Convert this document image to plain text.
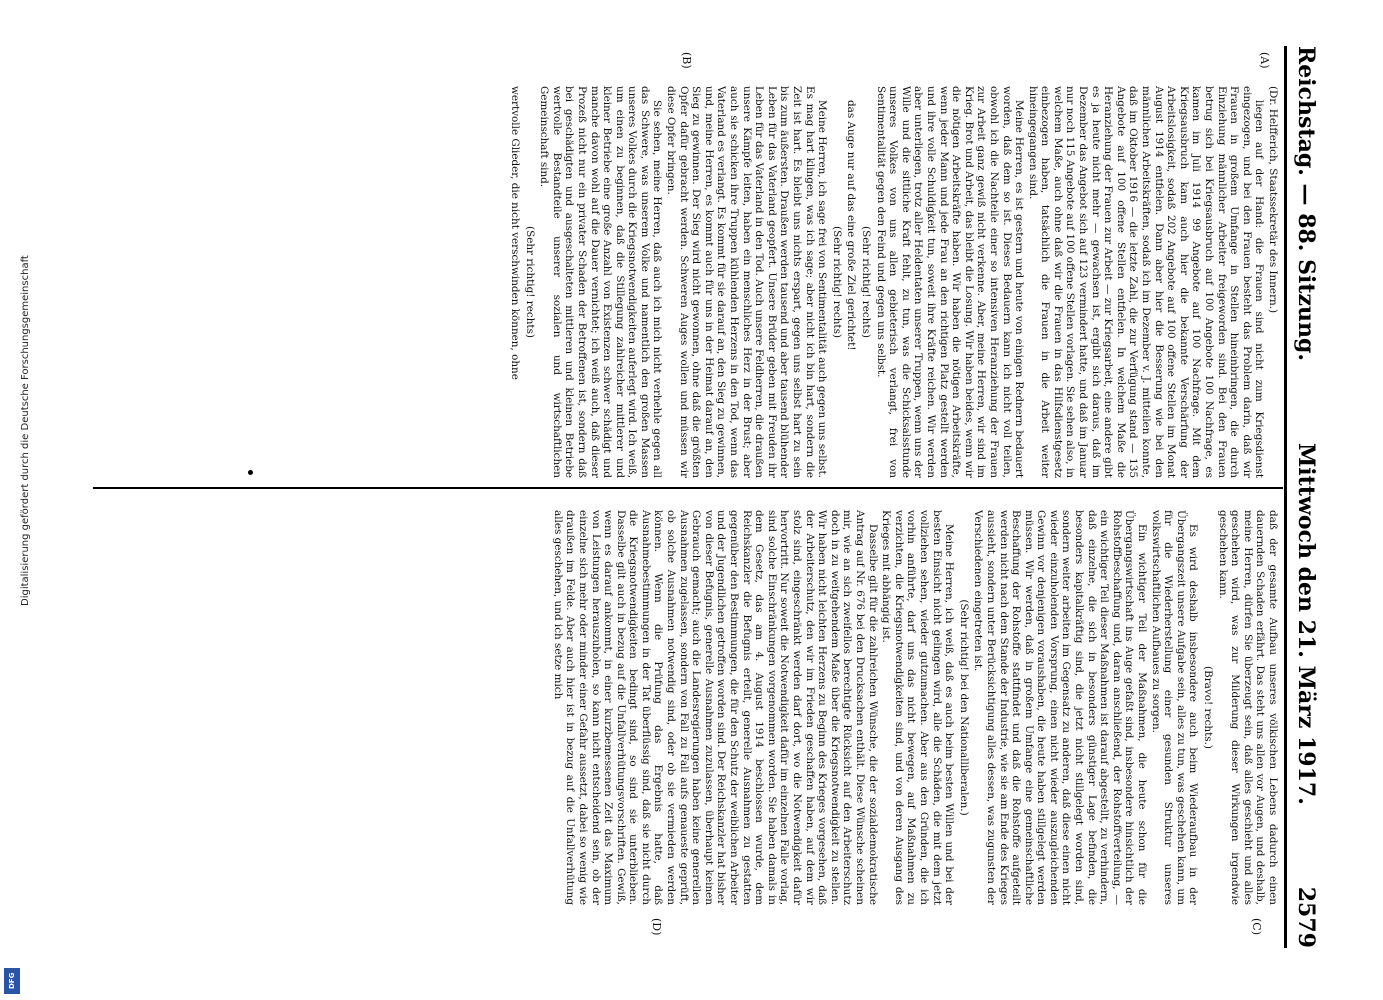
Reichstag. — 88. Sitzung.
Mittwoch den 21. März 1917.
2579
(A)
(B)
(C)
(D)

(Dr. Helfferich, Staatssekretär des Innern.)

liegen auf der Hand: die Frauen sind nicht zum Kriegsdienst eingezogen, und bei den Frauen besteht das Problem darin, daß wir Frauen in großem Umfange in Stellen hineinbringen, die durch Einziehung männlicher Arbeiter freigeworden sind. Bei den Frauen betrug sich bei Kriegsausbruch auf 100 Angebote 100 Nachfrage, es kamen im Juli 1914 99 Angebote auf 100 Nachfrage. Mit dem Kriegsausbruch kam auch hier die bekannte Verschärfung der Arbeitslosigkeit, sodaß 202 Angebote auf 100 offene Stellen im Monat August 1914 entfielen. Dann aber hier die Besserung wie bei den männlichen Arbeitskräften, sodaß ich im Dezember v. J. mitteilen konnte, daß im Oktober 1916 — die letzte Zahl, die zur Verfügung stand — 135 Angebote auf 100 offene Stellen entfielen. In welchem Maße die Heranziehung der Frauen zur Arbeit — zur Kriegsarbeit, eine andere gibt es ja heute nicht mehr — gewachsen ist, ergibt sich daraus, daß im Dezember das Angebot sich auf 123 vermindert hatte, und daß im Januar nur noch 115 Angebote auf 100 offene Stellen vorlagen. Sie sehen also, in welchem Maße, auch ohne daß wir die Frauen in das Hilfsdienstgesetz einbezogen haben, tatsächlich die Frauen in die Arbeit weiter hineingegangen sind.

Meine Herren, es ist gestern und heute von einigen Rednern bedauert worden, daß dem so ist. Dieses Bedauern kann ich nicht voll teilen, obwohl ich die Nachteile einer so intensiven Heranziehung der Frauen zur Arbeit ganz gewiß nicht verkenne. Aber, meine Herren, wir sind im Krieg. Brot und Arbeit, das bleibt die Losung. Wir haben beides, wenn wir die nötigen Arbeitskräfte haben. Wir haben die nötigen Arbeitskräfte, wenn jeder Mann und jede Frau an den richtigen Platz gestellt werden und ihre volle Schuldigkeit tun, soweit ihre Kräfte reichen. Wir werden aber unterliegen, trotz aller Heldentaten unserer Truppen, wenn uns der Wille und die sittliche Kraft fehlt, zu tun, was die Schicksalsstunde unseres Volkes von uns allen gebieterisch verlangt, frei von Sentimentalität gegen den Feind und gegen uns selbst.

(Sehr richtig! rechts)

das Auge nur auf das eine große Ziel gerichtet!

(Sehr richtig! rechts)

Meine Herren, ich sage frei von Sentimentalität auch gegen uns selbst. Es mag hart klingen, was ich sage; aber nicht ich bin hart, sondern die Zeit ist hart. Es bleibt uns nichts erspart, gegen uns selbst hart zu sein bis zum äußersten. Draußen werden tausend und aber tausend blühender Leben für das Vaterland geopfert. Unsere Brüder geben mit Freuden ihr Leben für das Vaterland in den Tod. Auch unsere Feldherren, die draußen unsere Kämpfe leiten, haben ein menschliches Herz in der Brust; aber auch sie schicken ihre Truppen kühlenden Herzens in den Tod, wenn das Vaterland es verlangt. Es kommt für sie darauf an, den Sieg zu gewinnen, und, meine Herren, es kommt auch für uns in der Heimat darauf an, den Sieg zu gewinnen. Der Sieg wird nicht gewonnen, ohne daß die größten Opfer dafür gebracht werden. Schweren Auges wollen und müssen wir diese Opfer bringen.

Sie sehen, meine Herren, daß auch ich mich nicht verhehle gegen all das Schwere, was unserem Volke und namentlich den großen Massen unseres Volkes durch die Kriegsnotwendigkeiten auferlegt wird. Ich weiß, um einen zu beginnen, daß die Stillegung zahlreicher mittlerer und kleiner Betriebe eine große Anzahl von Existenzen schwer schädigt und manche davon wohl auf die Dauer vernichtet; ich weiß auch, daß dieser Prozeß nicht nur ein privater Schaden der Betroffenen ist, sondern daß bei geschädigten und ausgeschalteten mittleren und kleinen Betriebe wertvolle Bestandteile unserer sozialen und wirtschaftlichen Gemeinschaft sind.

(Sehr richtig! rechts)

wertvolle Glieder, die nicht verschwinden können, ohne

daß der gesamte Aufbau unseres völkischen Lebens dadurch einen dauernden Schaden erfährt. Das steht uns allen vor Augen, und deshalb, meine Herren, dürfen Sie überzeugt sein, daß alles geschieht und alles geschehen wird, was zur Milderung dieser Wirkungen irgendwie geschehen kann.

(Bravo! rechts.)

Es wird deshalb insbesondere auch beim Wiederaufbau in der Übergangszeit unsere Aufgabe sein, alles zu tun, was geschehen kann, um für die Wiederherstellung einer gesunden Struktur unseres volkswirtschaftlichen Aufbaues zu sorgen.

Ein wichtiger Teil der Maßnahmen, die heute schon für die Übergangswirtschaft ins Auge gefaßt sind, insbesondere hinsichtlich der Rohstoffbeschaffung und, daran anschließend, der Rohstoffverteilung, — ein wichtiger Teil dieser Maßnahmen ist darauf abgestellt, zu verhindern, daß einzelne, die sich in besonders günstiger Lage befinden, die besonders kapitalkräftig sind, die jetzt nicht stillgelegt worden sind, sondern weiter arbeiten im Gegensatz zu anderen, daß diese einen nicht wieder einzuholenden Vorsprung, einen nicht wieder auszugleichenden Gewinn vor denjenigen voraushaben, die heute haben stillgelegt werden müssen. Wir werden, daß in großem Umfange eine gemeinschaftliche Beschaffung der Rohstoffe stattfindet und daß die Rohstoffe aufgeteilt werden nicht nach dem Stande der Industrie, wie sie am Ende des Krieges aussieht, sondern unter Berücksichtigung alles dessen, was zugunsten der Verschiedenen eingetreten ist.

(Sehr richtig! bei den Nationalliberalen.)

Meine Herren, ich weiß, daß es auch beim besten Willen und bei der besten Einsicht nicht gelingen wird, alle die Schäden, die mit dem jetzt vollziehen sehen, wieder gutzumachen. Aber aus den Gründen, die ich vorhin anführte, darf uns das nicht bewegen, auf Maßnahmen zu verzichten, die Kriegsnotwendigkeiten sind, und von deren Ausgang des Krieges mit abhängig ist.

Dasselbe gilt für die zahlreichen Wünsche, die der sozialdemokratische Antrag auf Nr. 676 bei den Drucksachen enthält. Diese Wünsche scheinen mir, wie an sich zweifellos berechtigte Rücksicht auf den Arbeiterschutz doch in zu weitgehendem Maße über die Kriegsnotwendigkeit zu stellen. Wir haben nicht leichten Herzens zu Beginn des Krieges vorgesehen, daß der Arbeiterschutz, den wir im Frieden geschaffen haben, auf dem wir stolz sind, eingeschränkt werden darf dort, wo die Notwendigkeit dafür hervortritt. Nur soweit die Notwendigkeit dafür im einzelnen Falle vorlag, sind solche Einschränkungen vorgenommen worden. Sie haben damals in dem Gesetz, das am 4. August 1914 beschlossen wurde, dem Reichskanzler die Befugnis erteilt, generelle Ausnahmen zu gestatten gegenüber den Bestimmungen, die für den Schutz der weiblichen Arbeiter und der Jugendlichen getroffen worden sind. Der Reichskanzler hat bisher von dieser Befugnis, generelle Ausnahmen zuzulassen, überhaupt keinen Gebrauch gemacht; auch die Landesregierungen haben keine generellen Ausnahmen zugelassen, sondern von Fall zu Fall aufs genaueste geprüft, ob solche Ausnahmen notwendig sind, oder ob sie vermieden werden können. Wenn die Prüfung das Ergebnis hatte, daß Ausnahmebestimmungen in der Tat überflüssig sind, daß sie nicht durch die Kriegsnotwendigkeiten bedingt sind, so sind sie unterblieben. Dasselbe gilt auch in bezug auf die Unfallverhütungsvorschriften. Gewiß, wenn es darauf ankommt, in einer kurzbemessenen Zeit das Maximum von Leistungen herauszuholen, so kann nicht entscheidend sein, ob der einzelne sich mehr oder minder einer Gefahr aussetzt, dabei so wenig wie draußen im Felde. Aber auch hier ist in bezug auf die Unfallverhütung alles geschehen, und ich setze mich

Digitalisierung gefördert durch die Deutsche Forschungsgemeinschaft
DFG
